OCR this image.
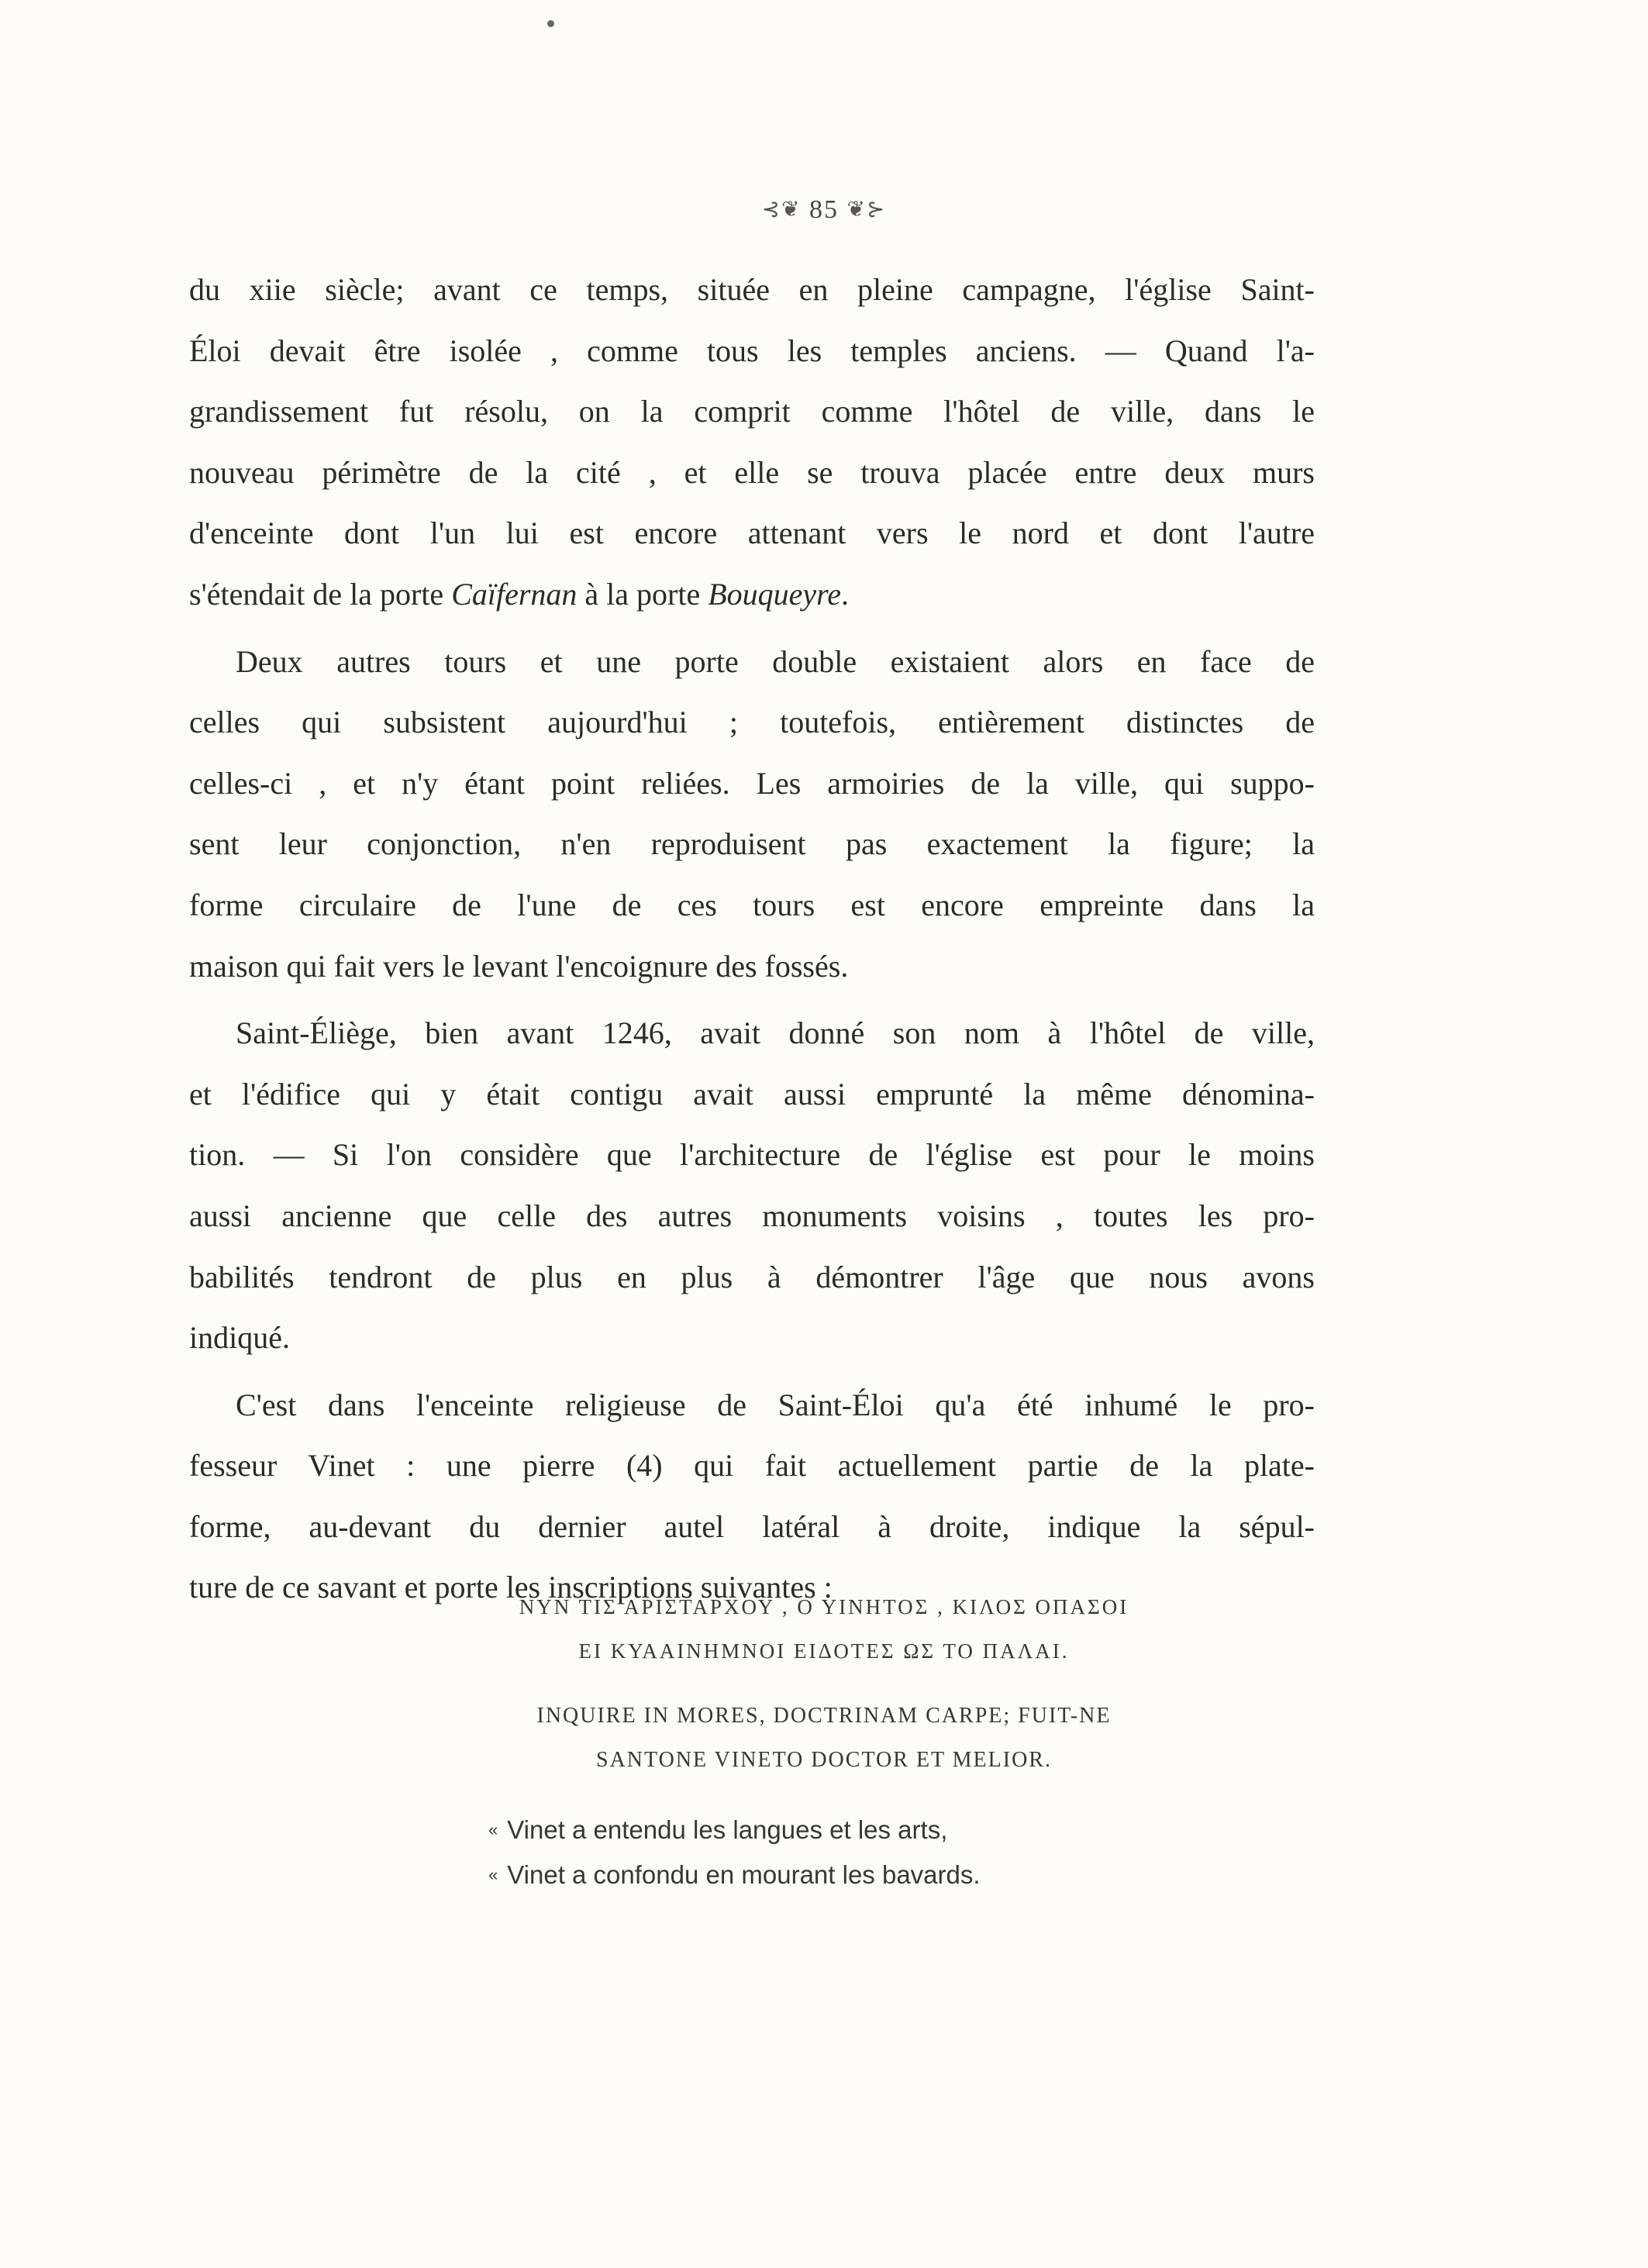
⊰❦ 85 ❦⊱
du xiie siècle; avant ce temps, située en pleine campagne, l'église Saint-
Éloi devait être isolée , comme tous les temples anciens. — Quand l'a-
grandissement fut résolu, on la comprit comme l'hôtel de ville, dans le
nouveau périmètre de la cité , et elle se trouva placée entre deux murs
d'enceinte dont l'un lui est encore attenant vers le nord et dont l'autre
s'étendait de la porte Caïfernan à la porte Bouqueyre.
Deux autres tours et une porte double existaient alors en face de
celles qui subsistent aujourd'hui ; toutefois, entièrement distinctes de
celles-ci , et n'y étant point reliées. Les armoiries de la ville, qui suppo-
sent leur conjonction, n'en reproduisent pas exactement la figure; la
forme circulaire de l'une de ces tours est encore empreinte dans la
maison qui fait vers le levant l'encoignure des fossés.
Saint-Éliège, bien avant 1246, avait donné son nom à l'hôtel de ville,
et l'édifice qui y était contigu avait aussi emprunté la même dénomina-
tion. — Si l'on considère que l'architecture de l'église est pour le moins
aussi ancienne que celle des autres monuments voisins , toutes les pro-
babilités tendront de plus en plus à démontrer l'âge que nous avons
indiqué.
C'est dans l'enceinte religieuse de Saint-Éloi qu'a été inhumé le pro-
fesseur Vinet : une pierre (4) qui fait actuellement partie de la plate-
forme, au-devant du dernier autel latéral à droite, indique la sépul-
ture de ce savant et porte les inscriptions suivantes :
ΝΥΝ ΤΙΣ ΑΡΙΣΤΑΡΧΟΥ , Ο ΥΙΝΗΤΟΣ , ΚΙΛΟΣ ΟΠΑΣΟΙ
ΕΙ ΚΥΑΑΙΝΗΜΝΟΙ ΕΙΔΟΤΕΣ ΩΣ ΤΟ ΠΑΛΑΙ.
INQUIRE IN MORES, DOCTRINAM CARPE; FUIT-NE
SANTONE VINETO DOCTOR ET MELIOR.
« Vinet a entendu les langues et les arts,
« Vinet a confondu en mourant les bavards.
